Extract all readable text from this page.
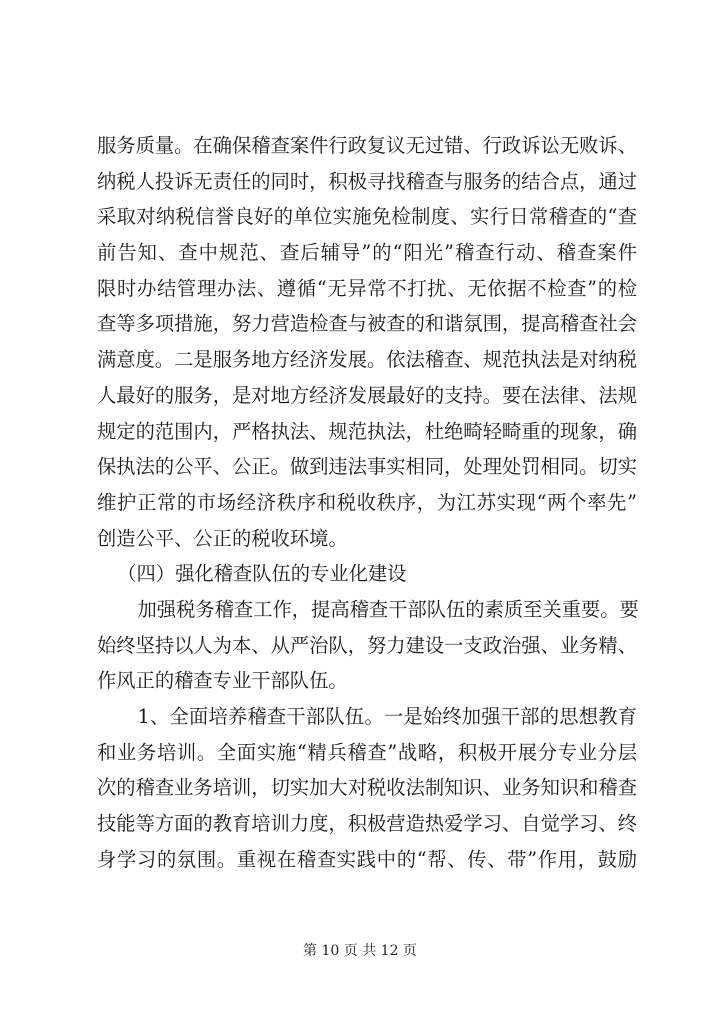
服务质量。在确保稽查案件行政复议无过错、行政诉讼无败诉、
纳税人投诉无责任的同时，积极寻找稽查与服务的结合点，通过
采取对纳税信誉良好的单位实施免检制度、实行日常稽查的“查
前告知、查中规范、查后辅导”的“阳光”稽查行动、稽查案件
限时办结管理办法、遵循“无异常不打扰、无依据不检查”的检
查等多项措施，努力营造检查与被查的和谐氛围，提高稽查社会
满意度。二是服务地方经济发展。依法稽查、规范执法是对纳税
人最好的服务，是对地方经济发展最好的支持。要在法律、法规
规定的范围内，严格执法、规范执法，杜绝畸轻畸重的现象，确
保执法的公平、公正。做到违法事实相同，处理处罚相同。切实
维护正常的市场经济秩序和税收秩序，为江苏实现“两个率先”
创造公平、公正的税收环境。
（四）强化稽查队伍的专业化建设
加强税务稽查工作，提高稽查干部队伍的素质至关重要。要
始终坚持以人为本、从严治队，努力建设一支政治强、业务精、
作风正的稽查专业干部队伍。
1、全面培养稽查干部队伍。一是始终加强干部的思想教育
和业务培训。全面实施“精兵稽查”战略，积极开展分专业分层
次的稽查业务培训，切实加大对税收法制知识、业务知识和稽查
技能等方面的教育培训力度，积极营造热爱学习、自觉学习、终
身学习的氛围。重视在稽查实践中的“帮、传、带”作用，鼓励
第 10 页 共 12 页
